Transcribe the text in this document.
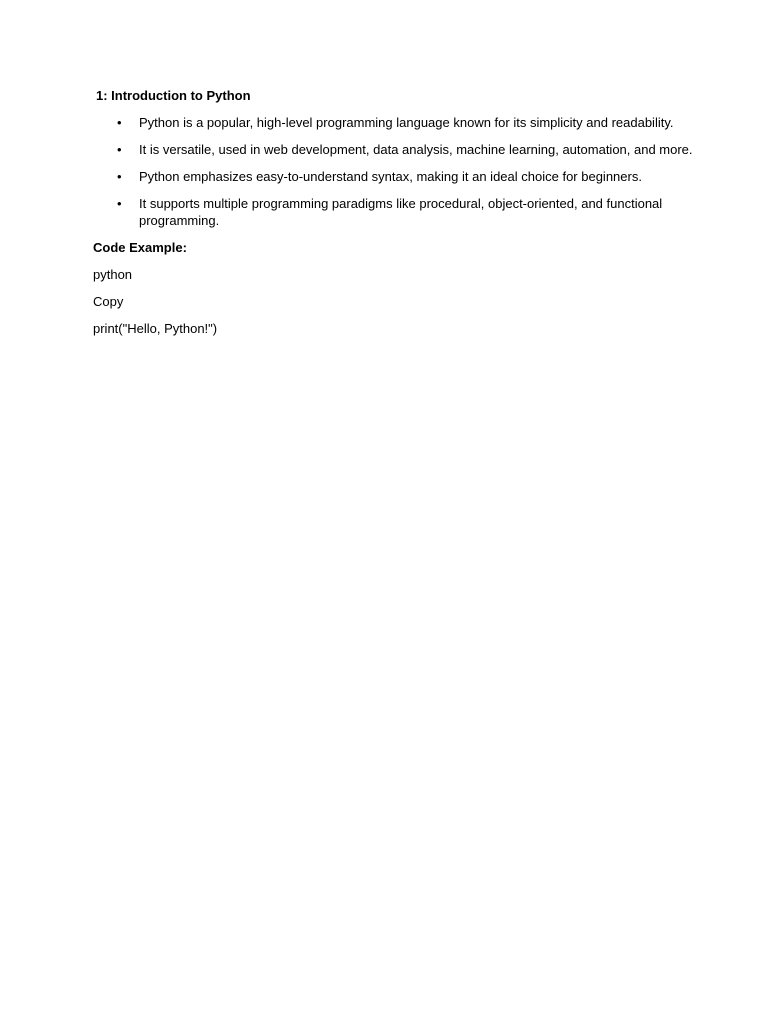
1: Introduction to Python
• Python is a popular, high-level programming language known for its simplicity and readability.
• It is versatile, used in web development, data analysis, machine learning, automation, and more.
• Python emphasizes easy-to-understand syntax, making it an ideal choice for beginners.
• It supports multiple programming paradigms like procedural, object-oriented, and functional programming.

Code Example:

python

Copy

print("Hello, Python!")
